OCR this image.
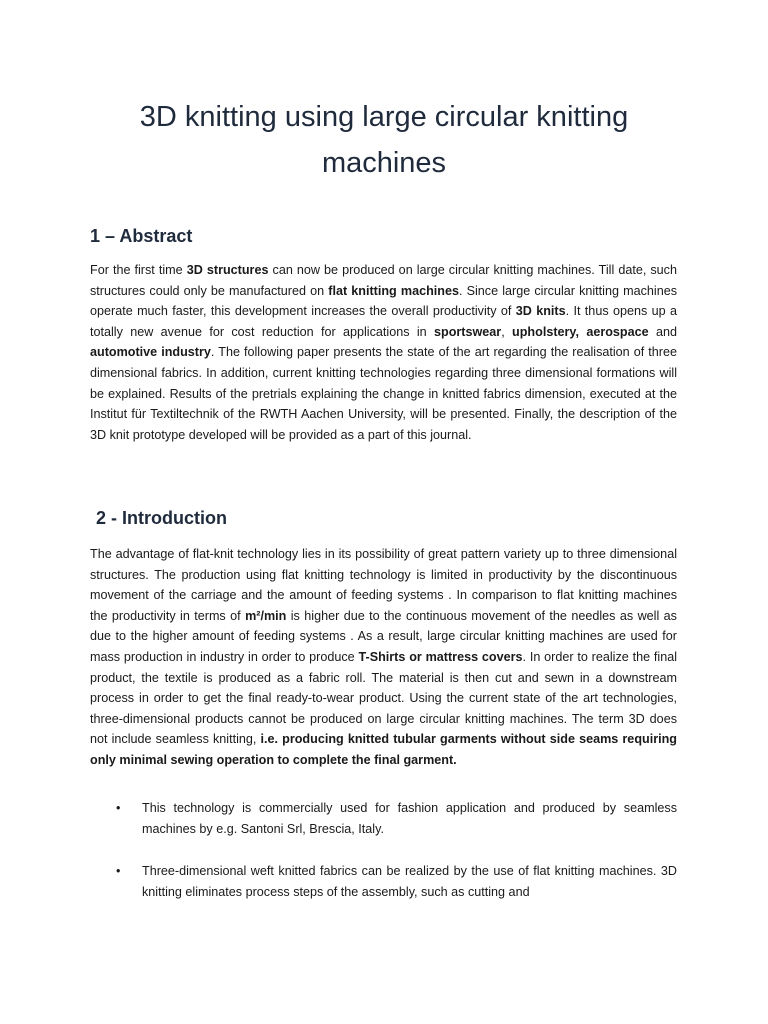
3D knitting using large circular knitting
machines
1 – Abstract

For the first time 3D structures can now be produced on large circular knitting machines. Till date, such structures could only be manufactured on flat knitting machines. Since large circular knitting machines operate much faster, this development increases the overall productivity of 3D knits. It thus opens up a totally new avenue for cost reduction for applications in sportswear, upholstery, aerospace and automotive industry. The following paper presents the state of the art regarding the realisation of three dimensional fabrics. In addition, current knitting technologies regarding three dimensional formations will be explained. Results of the pretrials explaining the change in knitted fabrics dimension, executed at the Institut für Textiltechnik of the RWTH Aachen University, will be presented. Finally, the description of the 3D knit prototype developed will be provided as a part of this journal.

2 - Introduction

The advantage of flat-knit technology lies in its possibility of great pattern variety up to three dimensional structures. The production using flat knitting technology is limited in productivity by the discontinuous movement of the carriage and the amount of feeding systems . In comparison to flat knitting machines the productivity in terms of m²/min is higher due to the continuous movement of the needles as well as due to the higher amount of feeding systems . As a result, large circular knitting machines are used for mass production in industry in order to produce T-Shirts or mattress covers. In order to realize the final product, the textile is produced as a fabric roll. The material is then cut and sewn in a downstream process in order to get the final ready-to-wear product. Using the current state of the art technologies, three-dimensional products cannot be produced on large circular knitting machines. The term 3D does not include seamless knitting, i.e. producing knitted tubular garments without side seams requiring only minimal sewing operation to complete the final garment.

• This technology is commercially used for fashion application and produced by seamless machines by e.g. Santoni Srl, Brescia, Italy.
• Three-dimensional weft knitted fabrics can be realized by the use of flat knitting machines. 3D knitting eliminates process steps of the assembly, such as cutting and
